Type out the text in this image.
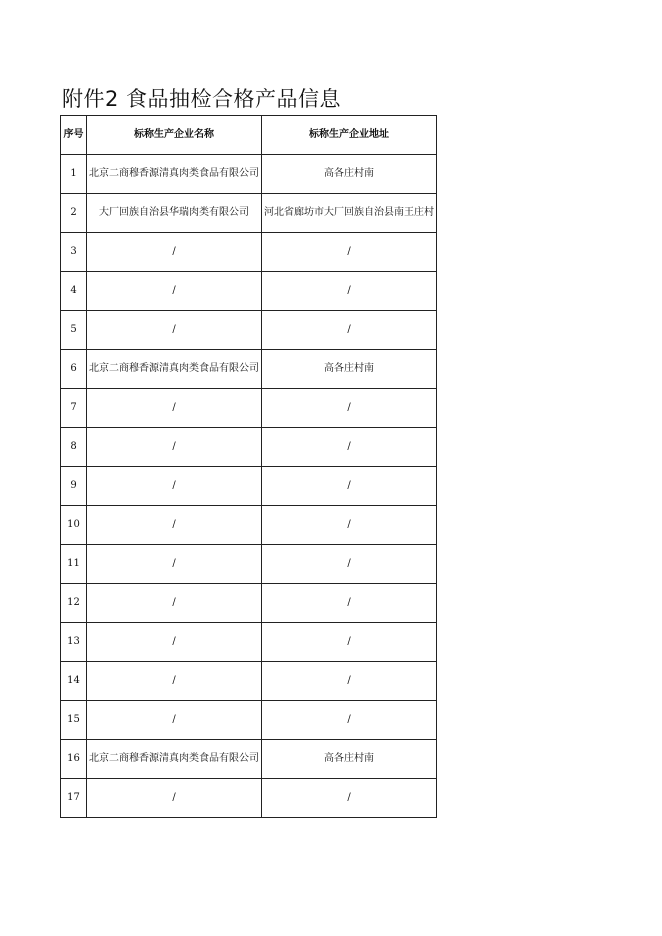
附件2 食品抽检合格产品信息
序号	标称生产企业名称	标称生产企业地址
1	北京二商穆香源清真肉类食品有限公司	高各庄村南
2	大厂回族自治县华瑞肉类有限公司	河北省廊坊市大厂回族自治县南王庄村
3	/	/
4	/	/
5	/	/
6	北京二商穆香源清真肉类食品有限公司	高各庄村南
7	/	/
8	/	/
9	/	/
10	/	/
11	/	/
12	/	/
13	/	/
14	/	/
15	/	/
16	北京二商穆香源清真肉类食品有限公司	高各庄村南
17	/	/
